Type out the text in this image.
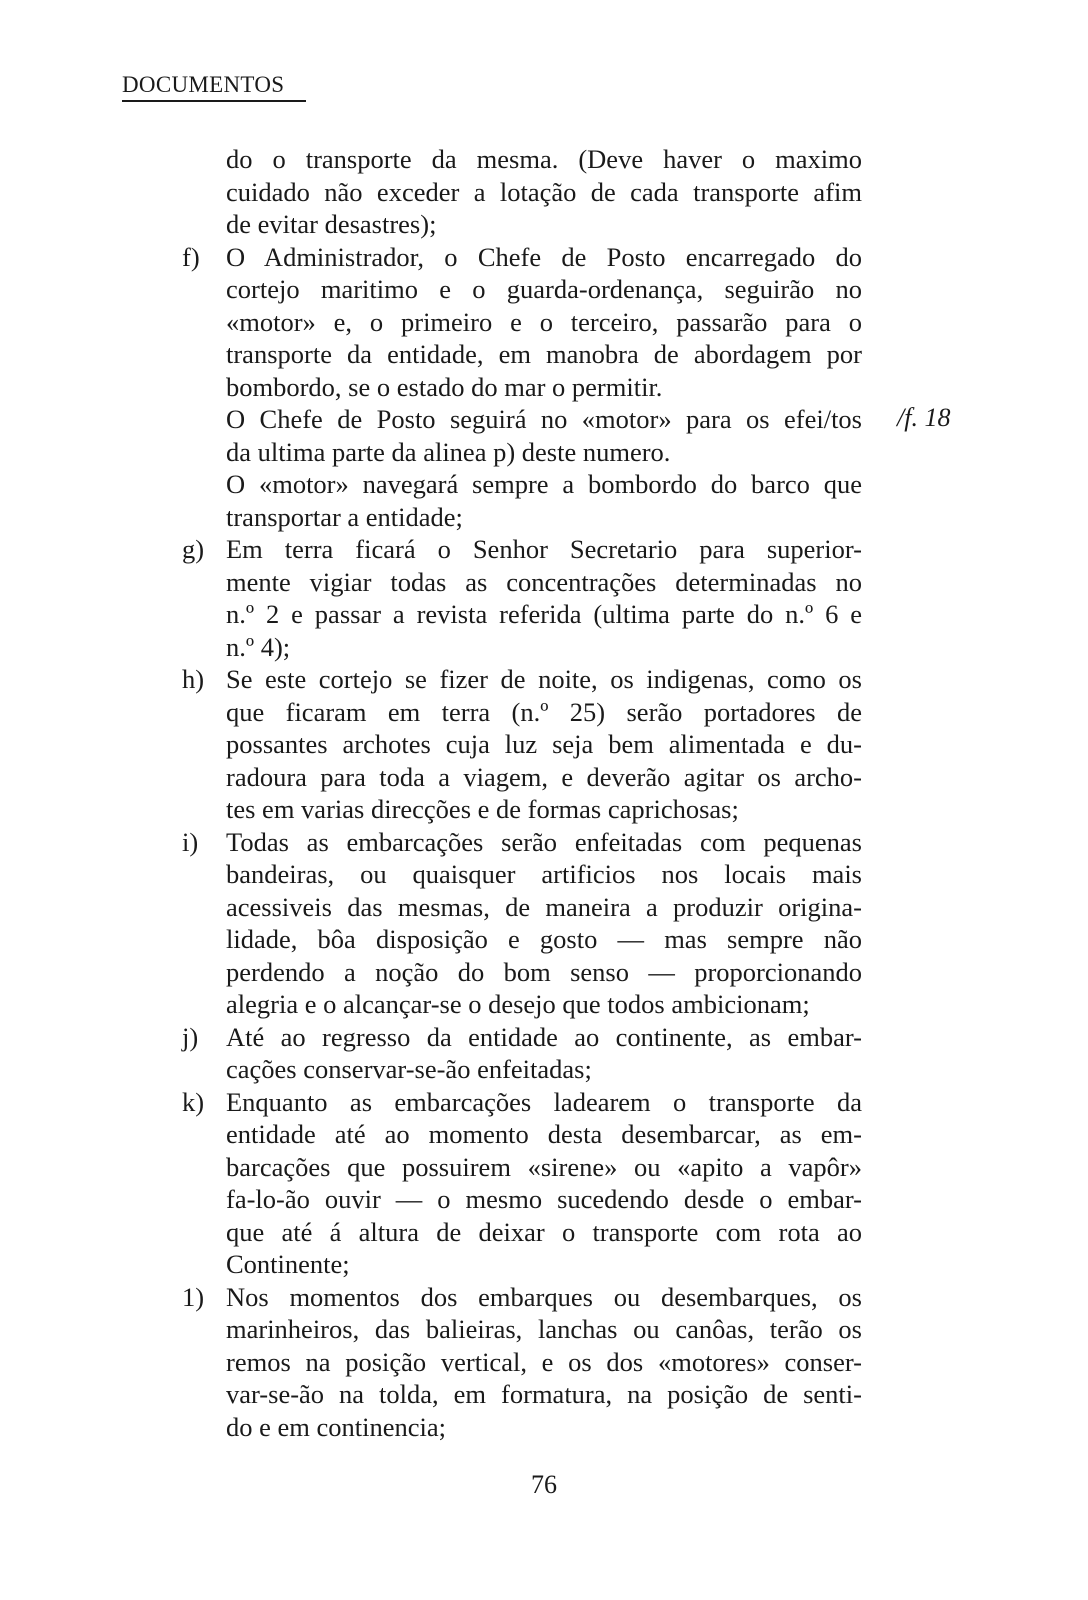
DOCUMENTOS
do o transporte da mesma. (Deve haver o maximo
cuidado não exceder a lotação de cada transporte afim
de evitar desastres);
f) O Administrador, o Chefe de Posto encarregado do
cortejo maritimo e o guarda-ordenança, seguirão no
«motor» e, o primeiro e o terceiro, passarão para o
transporte da entidade, em manobra de abordagem por
bombordo, se o estado do mar o permitir.
O Chefe de Posto seguirá no «motor» para os efei/tos
da ultima parte da alinea p) deste numero.
O «motor» navegará sempre a bombordo do barco que
transportar a entidade;
g) Em terra ficará o Senhor Secretario para superior-
mente vigiar todas as concentrações determinadas no
n.º 2 e passar a revista referida (ultima parte do n.º 6 e
n.º 4);
h) Se este cortejo se fizer de noite, os indigenas, como os
que ficaram em terra (n.º 25) serão portadores de
possantes archotes cuja luz seja bem alimentada e du-
radoura para toda a viagem, e deverão agitar os archo-
tes em varias direcções e de formas caprichosas;
i)	Todas as embarcações serão enfeitadas com pequenas
bandeiras, ou quaisquer artificios nos locais mais
acessiveis das mesmas, de maneira a produzir origina-
lidade, bôa disposição e gosto — mas sempre não
perdendo a noção do bom senso — proporcionando
alegria e o alcançar-se o desejo que todos ambicionam;
j)	Até ao regresso da entidade ao continente, as embar-
cações conservar-se-ão enfeitadas;
k) Enquanto as embarcações ladearem o transporte da
entidade até ao momento desta desembarcar, as em-
barcações que possuirem «sirene» ou «apito a vapôr»
fa-lo-ão ouvir — o mesmo sucedendo desde o embar-
que até á altura de deixar o transporte com rota ao
Continente;
1) Nos momentos dos embarques ou desembarques, os
marinheiros, das balieiras, lanchas ou canôas, terão os
remos na posição vertical, e os dos «motores» conser-
var-se-ão na tolda, em formatura, na posição de senti-
do e em continencia;
/f. 18
76
